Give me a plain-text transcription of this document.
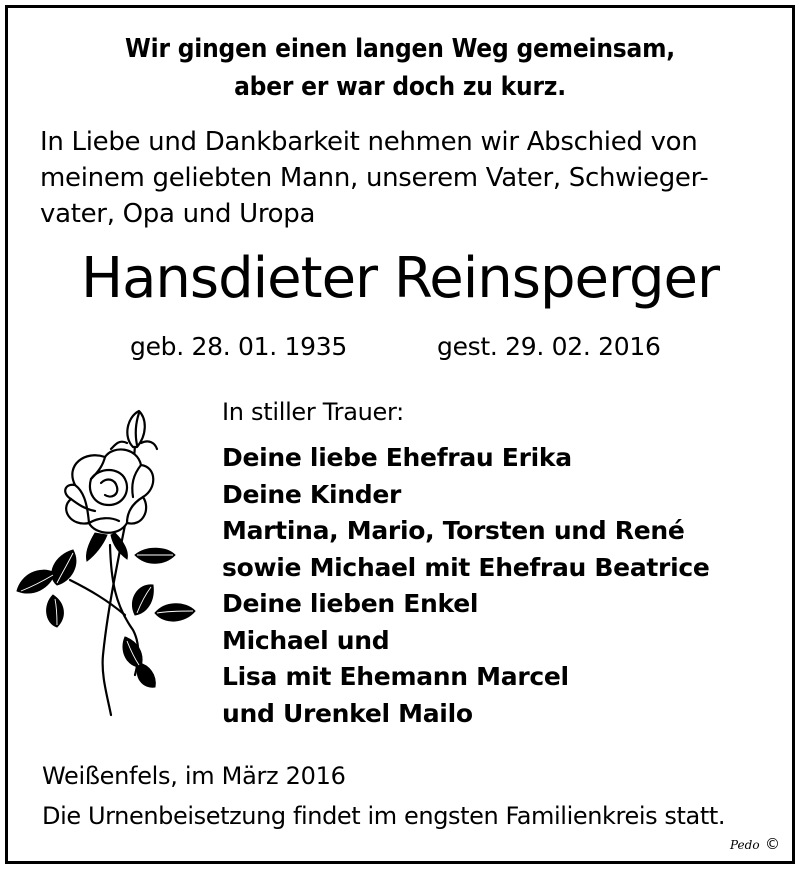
Wir gingen einen langen Weg gemeinsam,
aber er war doch zu kurz.
In Liebe und Dankbarkeit nehmen wir Abschied von
meinem geliebten Mann, unserem Vater, Schwieger-
vater, Opa und Uropa
Hansdieter Reinsperger
geb. 28. 01. 1935	gest. 29. 02. 2016
In stiller Trauer:
Deine liebe Ehefrau Erika
Deine Kinder
Martina, Mario, Torsten und René
sowie Michael mit Ehefrau Beatrice
Deine lieben Enkel
Michael und
Lisa mit Ehemann Marcel
und Urenkel Mailo
Weißenfels, im März 2016
Die Urnenbeisetzung findet im engsten Familienkreis statt.
Pedo ©
